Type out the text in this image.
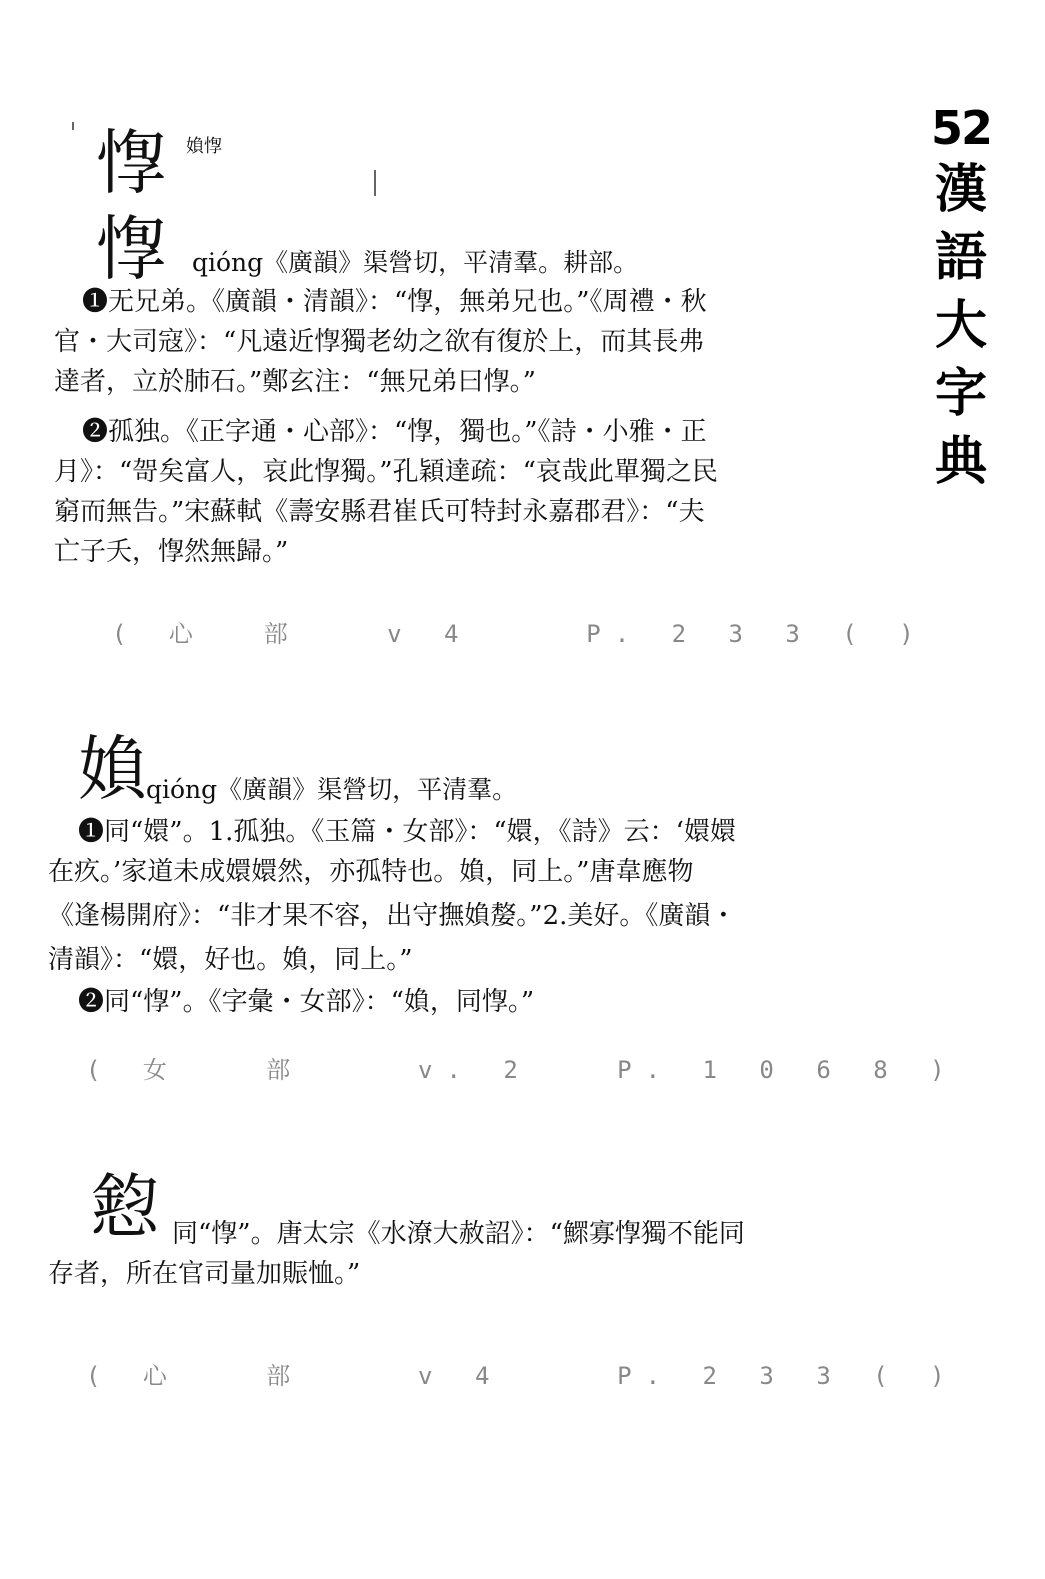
52
漢
語
大
字
典
惸 媍惸
惸 qióng《廣韻》渠營切，平清羣。耕部。
❶无兄弟。《廣韻・清韻》：“惸，無弟兄也。”《周禮・秋
官・大司寇》：“凡遠近惸獨老幼之欲有復於上，而其長弗
達者，立於肺石。”鄭玄注：“無兄弟曰惸。”
❷孤独。《正字通・心部》：“惸，獨也。”《詩・小雅・正
月》：“哿矣富人，哀此惸獨。”孔穎達疏：“哀哉此單獨之民
窮而無告。”宋蘇軾《壽安縣君崔氏可特封永嘉郡君》：“夫
亡子夭，惸然無歸。”
( 心  部   v 4    P. 2 3 3 ( )
媍
qióng《廣韻》渠營切，平清羣。
❶同“嬛”。1.孤独。《玉篇・女部》：“嬛，《詩》云：‘嬛嬛
在疚。’家道未成嬛嬛然，亦孤特也。媍，同上。”唐韋應物
《逢楊開府》：“非才果不容，出守撫媍嫠。”2.美好。《廣韻・
清韻》：“嬛，好也。媍，同上。”
❷同“惸”。《字彙・女部》：“媍，同惸。”
( 女   部    v. 2   P. 1 0 6 8 )
憌 同“惸”。唐太宗《水潦大赦詔》：“鰥寡惸獨不能同
存者，所在官司量加賑恤。”
( 心   部    v 4    P. 2 3 3 ( )
